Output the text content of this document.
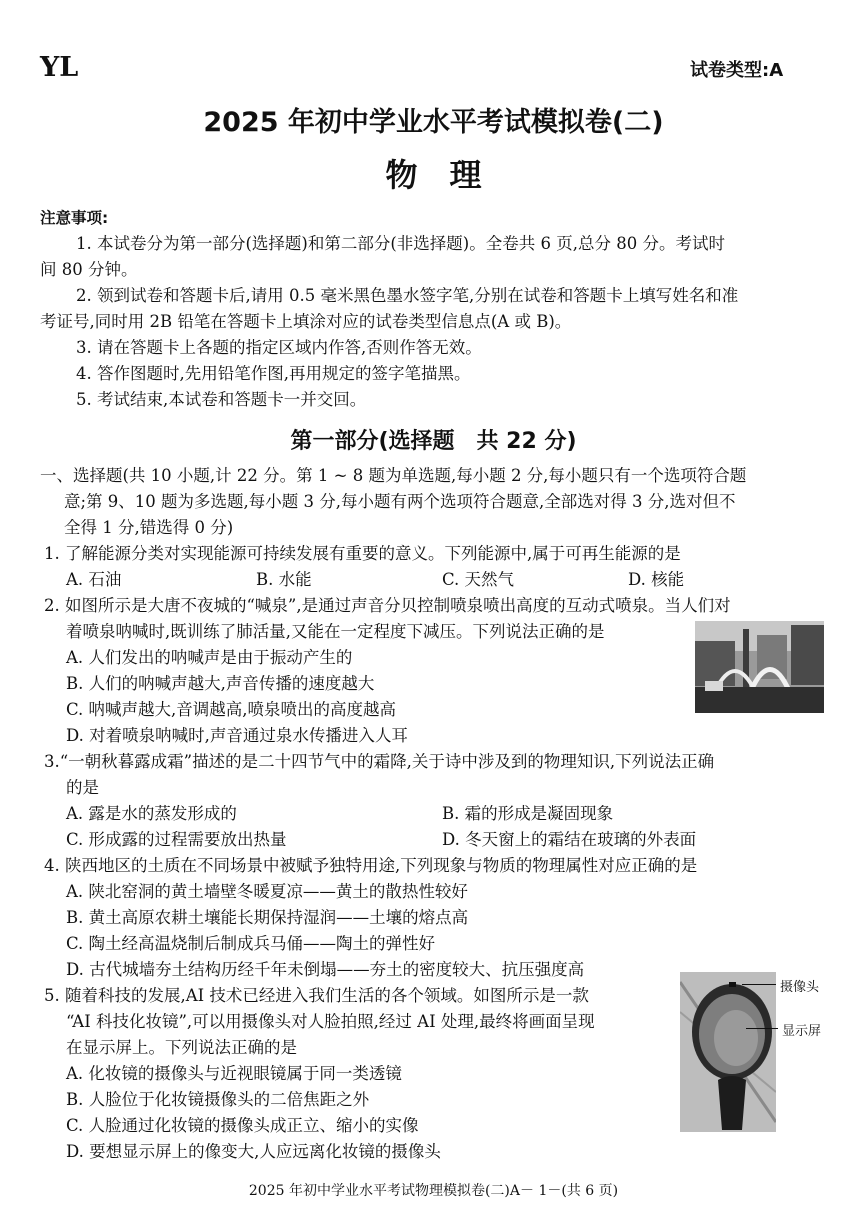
YL	试卷类型:A
2025 年初中学业水平考试模拟卷(二)
物　理
注意事项:
1. 本试卷分为第一部分(选择题)和第二部分(非选择题)。全卷共 6 页,总分 80 分。考试时
间 80 分钟。
2. 领到试卷和答题卡后,请用 0.5 毫米黑色墨水签字笔,分别在试卷和答题卡上填写姓名和准
考证号,同时用 2B 铅笔在答题卡上填涂对应的试卷类型信息点(A 或 B)。
3. 请在答题卡上各题的指定区域内作答,否则作答无效。
4. 答作图题时,先用铅笔作图,再用规定的签字笔描黑。
5. 考试结束,本试卷和答题卡一并交回。
第一部分(选择题　共 22 分)
一、选择题(共 10 小题,计 22 分。第 1 ~ 8 题为单选题,每小题 2 分,每小题只有一个选项符合题
意;第 9、10 题为多选题,每小题 3 分,每小题有两个选项符合题意,全部选对得 3 分,选对但不
全得 1 分,错选得 0 分)
1. 了解能源分类对实现能源可持续发展有重要的意义。下列能源中,属于可再生能源的是
A. 石油	B. 水能	C. 天然气	D. 核能
2. 如图所示是大唐不夜城的“喊泉”,是通过声音分贝控制喷泉喷出高度的互动式喷泉。当人们对
着喷泉呐喊时,既训练了肺活量,又能在一定程度下减压。下列说法正确的是
A. 人们发出的呐喊声是由于振动产生的
B. 人们的呐喊声越大,声音传播的速度越大
C. 呐喊声越大,音调越高,喷泉喷出的高度越高
D. 对着喷泉呐喊时,声音通过泉水传播进入人耳
3.“一朝秋暮露成霜”描述的是二十四节气中的霜降,关于诗中涉及到的物理知识,下列说法正确
的是
A. 露是水的蒸发形成的	B. 霜的形成是凝固现象
C. 形成露的过程需要放出热量	D. 冬天窗上的霜结在玻璃的外表面
4. 陕西地区的土质在不同场景中被赋予独特用途,下列现象与物质的物理属性对应正确的是
A. 陕北窑洞的黄土墙壁冬暖夏凉——黄土的散热性较好
B. 黄土高原农耕土壤能长期保持湿润——土壤的熔点高
C. 陶土经高温烧制后制成兵马俑——陶土的弹性好
D. 古代城墙夯土结构历经千年未倒塌——夯土的密度较大、抗压强度高
5. 随着科技的发展,AI 技术已经进入我们生活的各个领域。如图所示是一款
“AI 科技化妆镜”,可以用摄像头对人脸拍照,经过 AI 处理,最终将画面呈现
在显示屏上。下列说法正确的是
A. 化妆镜的摄像头与近视眼镜属于同一类透镜
B. 人脸位于化妆镜摄像头的二倍焦距之外
C. 人脸通过化妆镜的摄像头成正立、缩小的实像
D. 要想显示屏上的像变大,人应远离化妆镜的摄像头
摄像头
显示屏
2025 年初中学业水平考试物理模拟卷(二)A－ 1－(共 6 页)
